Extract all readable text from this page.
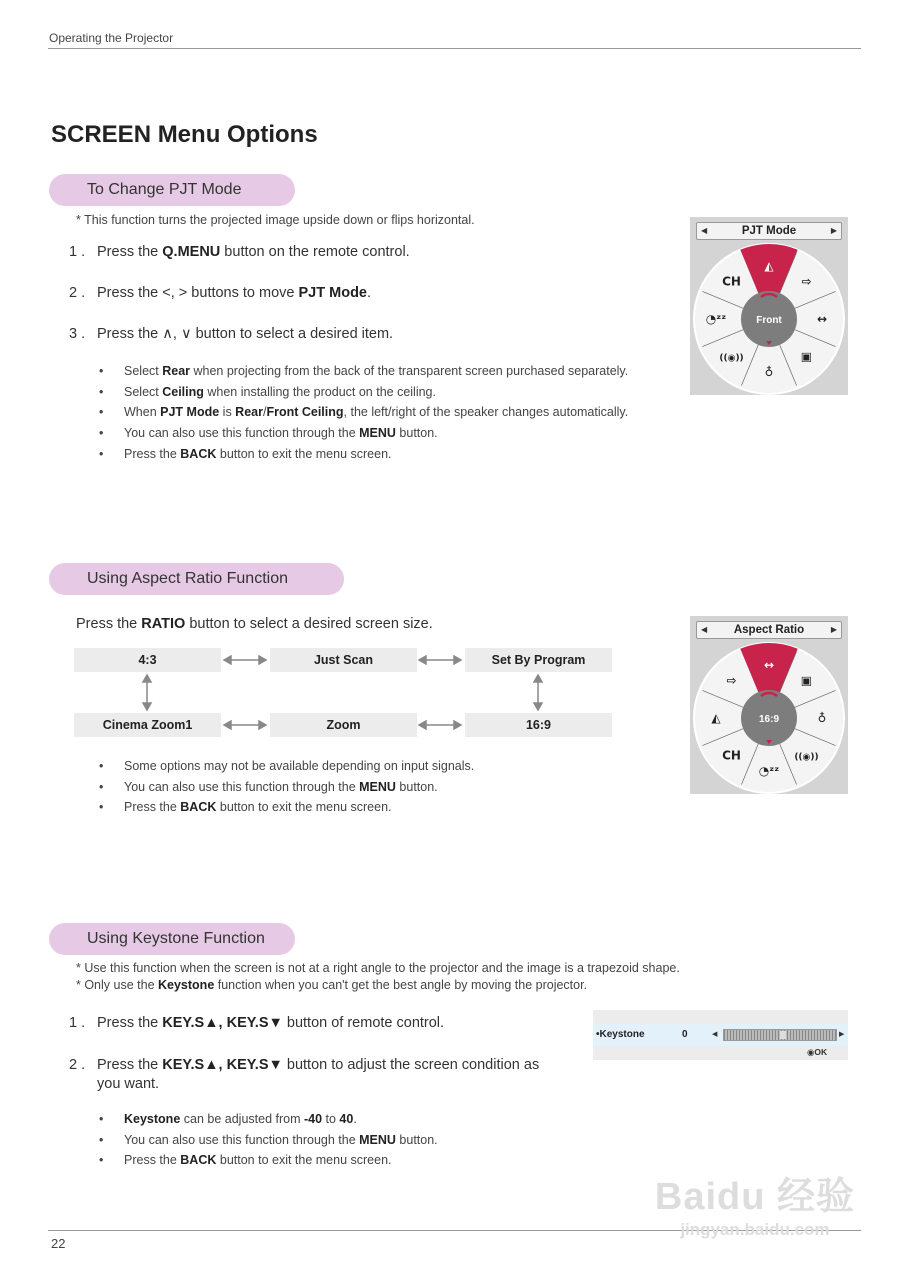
Operating the Projector
SCREEN Menu Options
To Change PJT Mode
* This function turns the projected image upside down or flips horizontal.
1 . Press the Q.MENU button on the remote control.
2 . Press the <, > buttons to move PJT Mode.
3 . Press the ∧, ∨ button to select a desired item.
• Select Rear when projecting from the back of the transparent screen purchased separately.
• Select Ceiling when installing the product on the ceiling.
• When PJT Mode is Rear/Front Ceiling, the left/right of the speaker changes automatically.
• You can also use this function through the MENU button.
• Press the BACK button to exit the menu screen.
◀	PJT Mode	▶
◭
⇨
↔
▣
♁
((◉))
◔ᶻᶻ
CH
Front
Using Aspect Ratio Function
Press the RATIO button to select a desired screen size.
4:3	Just Scan	Set By Program
Cinema Zoom1	Zoom	16:9
• Some options may not be available depending on input signals.
• You can also use this function through the MENU button.
• Press the BACK button to exit the menu screen.
◀ Aspect Ratio	▶
↔
▣
♁
((◉))
◔ᶻᶻ
CH
◭
⇨
16:9
Using Keystone Function
* Use this function when the screen is not at a right angle to the projector and the image is a trapezoid shape.
* Only use the Keystone function when you can't get the best angle by moving the projector.
1 . Press the KEY.S▲, KEY.S▼ button of remote control.
2 . Press the KEY.S▲, KEY.S▼ button to adjust the screen condition as
you want.
• Keystone can be adjusted from -40 to 40.
• You can also use this function through the MENU button.
• Press the BACK button to exit the menu screen.
•Keystone	0	◀	▶
◉OK
22
Baidu 经验
jingyan.baidu.com
